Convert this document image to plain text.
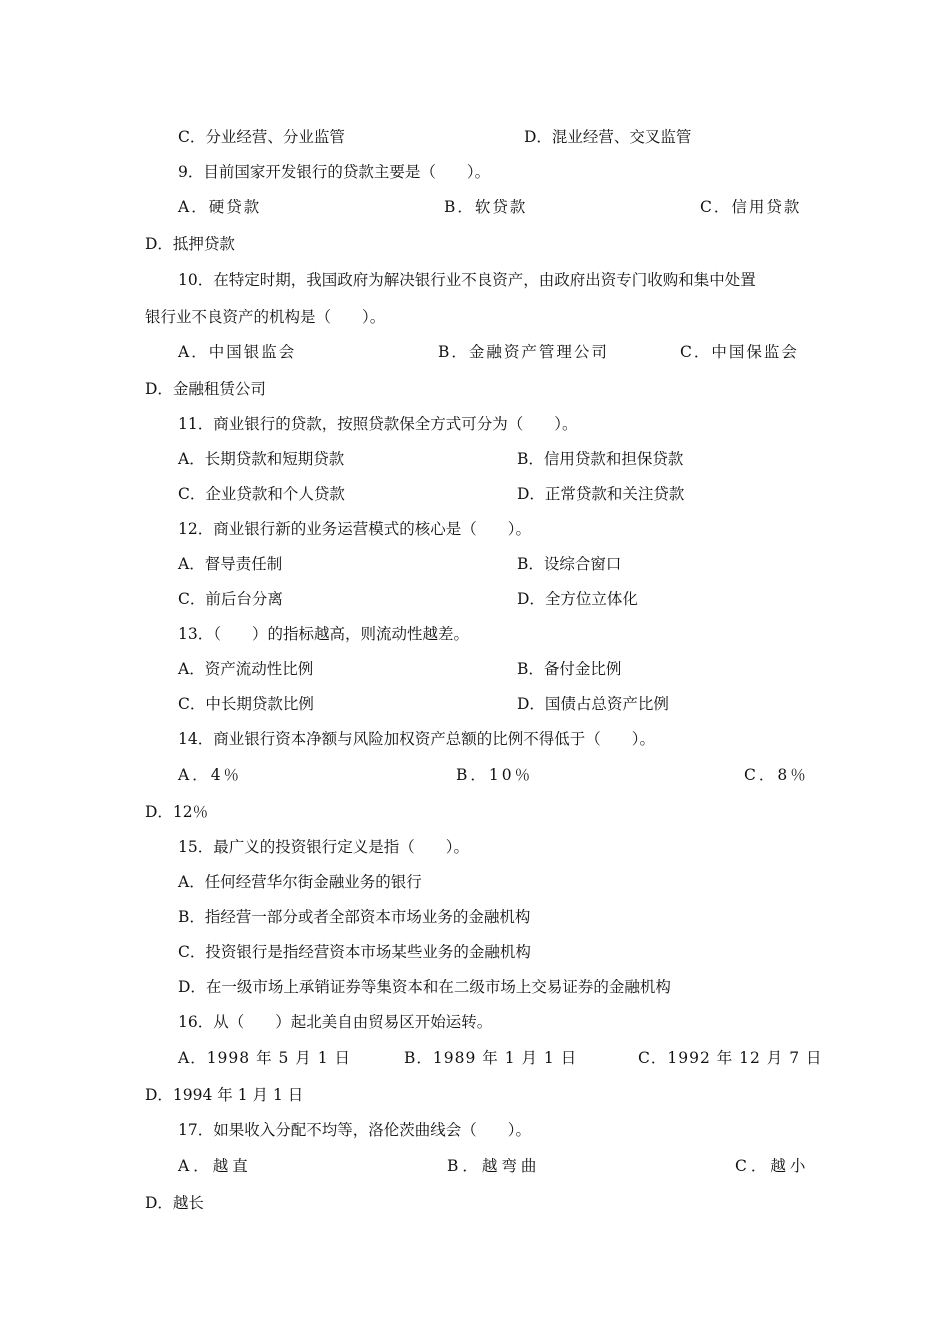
C．分业经营、分业监管	D．混业经营、交叉监管
9．目前国家开发银行的贷款主要是（　　）。
A．硬贷款	B．软贷款	C．信用贷款
D．抵押贷款
10．在特定时期，我国政府为解决银行业不良资产，由政府出资专门收购和集中处置
银行业不良资产的机构是（　　）。
A．中国银监会	B．金融资产管理公司	C．中国保监会
D．金融租赁公司
11．商业银行的贷款，按照贷款保全方式可分为（　　）。
A．长期贷款和短期贷款	B．信用贷款和担保贷款
C．企业贷款和个人贷款	D．正常贷款和关注贷款
12．商业银行新的业务运营模式的核心是（　　）。
A．督导责任制	B．设综合窗口
C．前后台分离	D．全方位立体化
13．（　　）的指标越高，则流动性越差。
A．资产流动性比例	B．备付金比例
C．中长期贷款比例	D．国债占总资产比例
14．商业银行资本净额与风险加权资产总额的比例不得低于（　　）。
A．4％	B．10％	C．8％
D．12％
15．最广义的投资银行定义是指（　　）。
A．任何经营华尔街金融业务的银行
B．指经营一部分或者全部资本市场业务的金融机构
C．投资银行是指经营资本市场某些业务的金融机构
D．在一级市场上承销证券等集资本和在二级市场上交易证券的金融机构
16．从（　　）起北美自由贸易区开始运转。
A．1998 年 5 月 1 日	B．1989 年 1 月 1 日	C．1992 年 12 月 7 日
D．1994 年 1 月 1 日
17．如果收入分配不均等，洛伦茨曲线会（　　）。
A．越直	B．越弯曲	C．越小
D．越长
